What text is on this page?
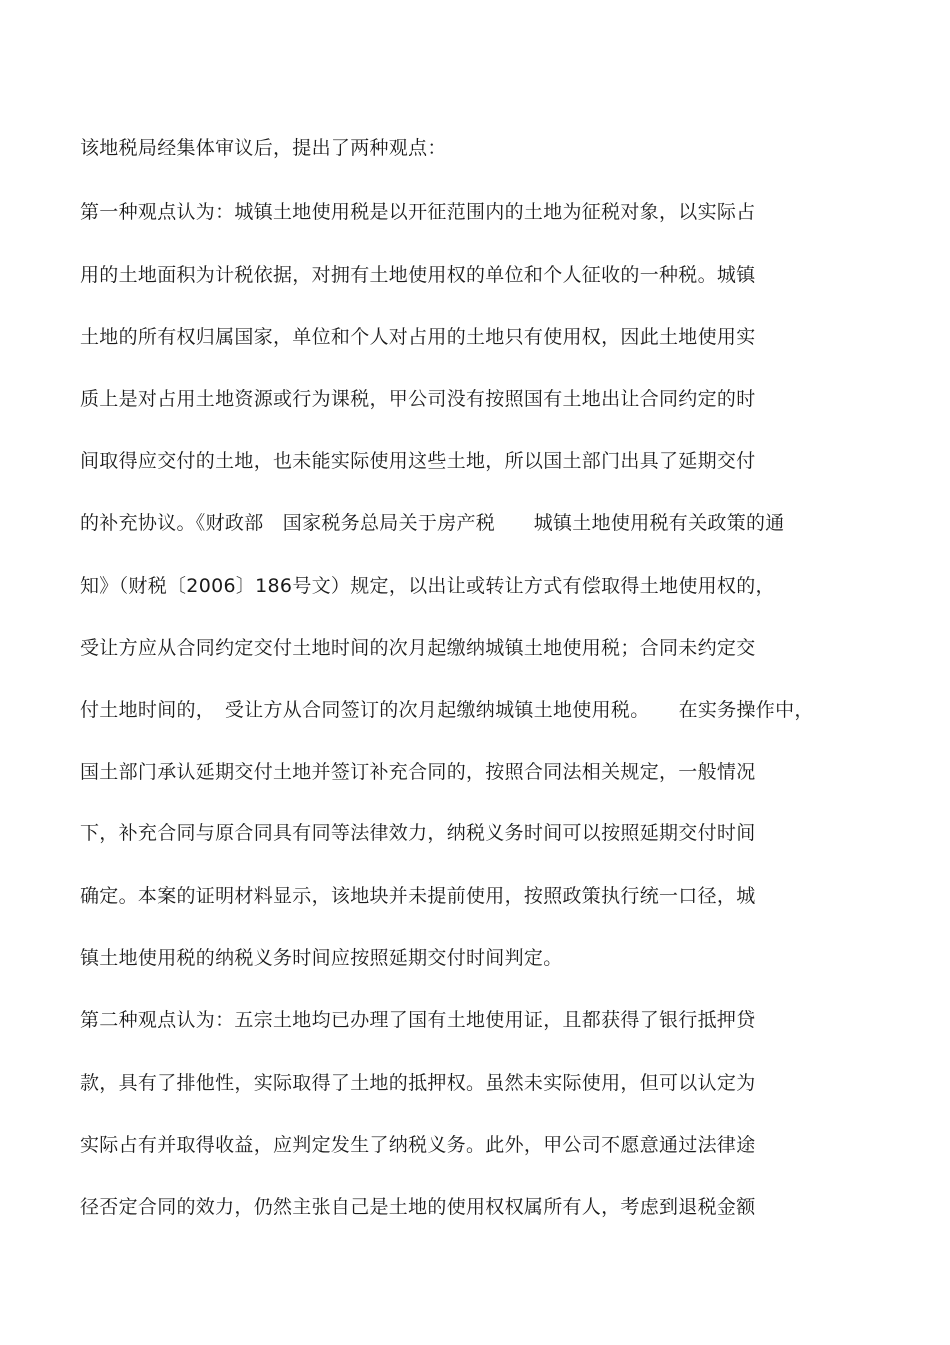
该地税局经集体审议后，提出了两种观点：
第一种观点认为：城镇土地使用税是以开征范围内的土地为征税对象，以实际占
用的土地面积为计税依据，对拥有土地使用权的单位和个人征收的一种税。城镇
土地的所有权归属国家，单位和个人对占用的土地只有使用权，因此土地使用实
质上是对占用土地资源或行为课税，甲公司没有按照国有土地出让合同约定的时
间取得应交付的土地，也未能实际使用这些土地，所以国土部门出具了延期交付
的补充协议。《财政部　国家税务总局关于房产税　　城镇土地使用税有关政策的通
知》（财税〔2006〕186号文）规定，以出让或转让方式有偿取得土地使用权的，
受让方应从合同约定交付土地时间的次月起缴纳城镇土地使用税；合同未约定交
付土地时间的，　受让方从合同签订的次月起缴纳城镇土地使用税。　　在实务操作中，
国土部门承认延期交付土地并签订补充合同的，按照合同法相关规定，一般情况
下，补充合同与原合同具有同等法律效力，纳税义务时间可以按照延期交付时间
确定。本案的证明材料显示，该地块并未提前使用，按照政策执行统一口径，城
镇土地使用税的纳税义务时间应按照延期交付时间判定。
第二种观点认为：五宗土地均已办理了国有土地使用证，且都获得了银行抵押贷
款，具有了排他性，实际取得了土地的抵押权。虽然未实际使用，但可以认定为
实际占有并取得收益，应判定发生了纳税义务。此外，甲公司不愿意通过法律途
径否定合同的效力，仍然主张自己是土地的使用权权属所有人，考虑到退税金额
